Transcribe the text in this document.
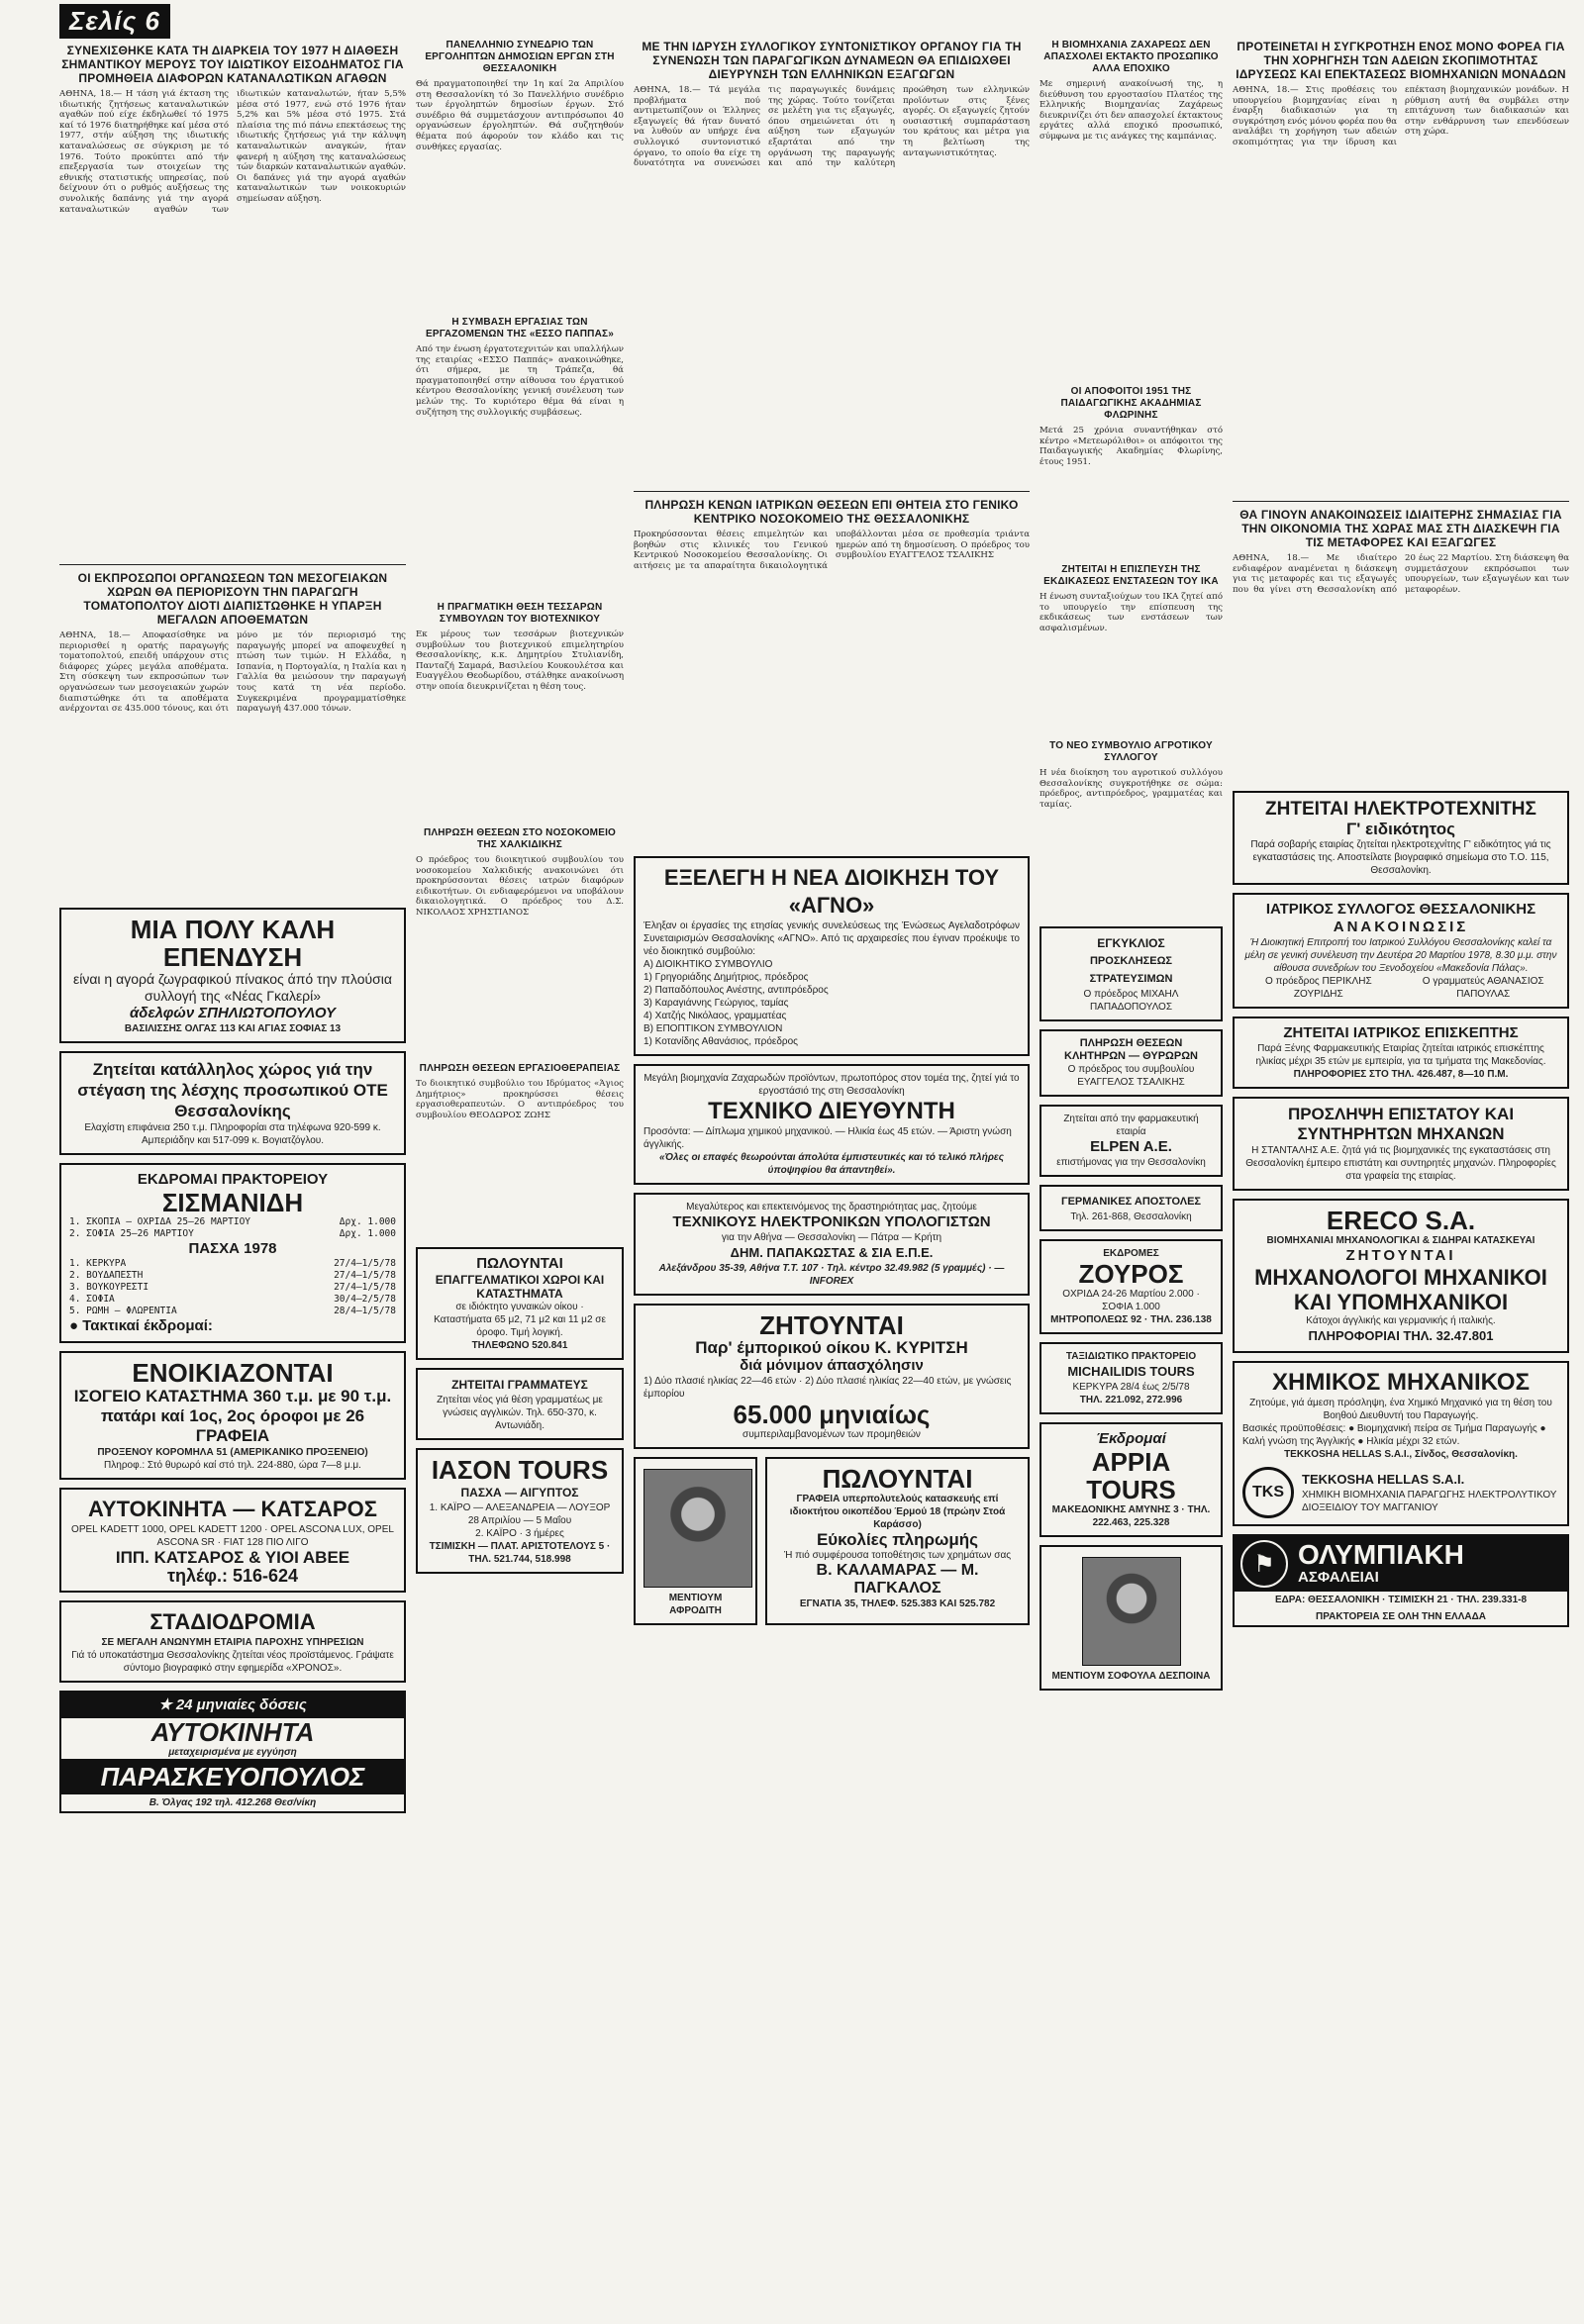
Σελίς 6
ΣΥΝΕΧΙΣΘΗΚΕ ΚΑΤΑ ΤΗ ΔΙΑΡΚΕΙΑ ΤΟΥ 1977 Η ΔΙΑΘΕΣΗ ΣΗΜΑΝΤΙΚΟΥ ΜΕΡΟΥΣ ΤΟΥ ΙΔΙΩΤΙΚΟΥ ΕΙΣΟΔΗΜΑΤΟΣ ΓΙΑ ΠΡΟΜΗΘΕΙΑ ΔΙΑΦΟΡΩΝ ΚΑΤΑΝΑΛΩΤΙΚΩΝ ΑΓΑΘΩΝ
ΑΘΗΝΑ, 18.— Η τάση γιά έκταση της ιδιωτικής ζητήσεως καταναλωτικών αγαθών πού είχε έκδηλωθεί τό 1975 καί τό 1976 διατηρήθηκε καί μέσα στό 1977, στήν αύξηση της ιδιωτικής καταναλώσεως σε σύγκριση με τό 1976. Τούτο προκύπτει από τήν επεξεργασία των στοιχείων της εθνικής στατιστικής υπηρεσίας, πού δείχνουν ότι ο ρυθμός αυξήσεως της συνολικής δαπάνης γιά την αγορά καταναλωτικών αγαθών των ιδιωτικών καταναλωτών, ήταν 5,5% μέσα στό 1977, ενώ στό 1976 ήταν 5,2% και 5% μέσα στό 1975. Στά πλαίσια της πιό πάνω επεκτάσεως της ιδιωτικής ζητήσεως γιά την κάλυψη καταναλωτικών αναγκών, ήταν φανερή η αύξηση της καταναλώσεως τών διαρκών καταναλωτικών αγαθών. Οι δαπάνες γιά την αγορά αγαθών καταναλωτικών των νοικοκυριών σημείωσαν αύξηση.
ΟΙ ΕΚΠΡΟΣΩΠΟΙ ΟΡΓΑΝΩΣΕΩΝ ΤΩΝ ΜΕΣΟΓΕΙΑΚΩΝ ΧΩΡΩΝ ΘΑ ΠΕΡΙΟΡΙΣΟΥΝ ΤΗΝ ΠΑΡΑΓΩΓΗ ΤΟΜΑΤΟΠΟΛΤΟΥ ΔΙΟΤΙ ΔΙΑΠΙΣΤΩΘΗΚΕ Η ΥΠΑΡΞΗ ΜΕΓΑΛΩΝ ΑΠΟΘΕΜΑΤΩΝ
ΑΘΗΝΑ, 18.— Αποφασίσθηκε να περιορισθεί η ορατής παραγωγής τοματοπολτού, επειδή υπάρχουν στις διάφορες χώρες μεγάλα αποθέματα. Στη σύσκεψη των εκπροσώπων των οργανώσεων των μεσογειακών χωρών διαπιστώθηκε ότι τα αποθέματα ανέρχονται σε 435.000 τόνους, και ότι μόνο με τόν περιορισμό της παραγωγής μπορεί να αποφευχθεί η πτώση των τιμών. Η Ελλάδα, η Ισπανία, η Πορτογαλία, η Ιταλία και η Γαλλία θα μειώσουν την παραγωγή τους κατά τη νέα περίοδο. Συγκεκριμένα προγραμματίσθηκε παραγωγή 437.000 τόνων.
ΜΙΑ ΠΟΛΥ ΚΑΛΗ ΕΠΕΝΔΥΣΗ
είναι η αγορά ζωγραφικού πίνακος άπό την πλούσια συλλογή της «Νέας Γκαλερί»
άδελφών ΣΠΗΛΙΩΤΟΠΟΥΛΟΥ
ΒΑΣΙΛΙΣΣΗΣ ΟΛΓΑΣ 113 ΚΑΙ ΑΓΙΑΣ ΣΟΦΙΑΣ 13
Ζητείται κατάλληλος χώρος γιά την στέγαση της λέσχης προσωπικού ΟΤΕ Θεσσαλονίκης
Ελαχίστη επιφάνεια 250 τ.μ. Πληροφορίαι στα τηλέφωνα 920-599 κ. Αμπεριάδην και 517-099 κ. Βογιατζόγλου.
ΕΚΔΡΟΜΑΙ ΠΡΑΚΤΟΡΕΙΟΥ
ΣΙΣΜΑΝΙΔΗ
1. ΣΚΟΠΙΑ — ΟΧΡΙΔΑ 25—26 ΜΑΡΤΙΟΥ	Δρχ. 1.000
2. ΣΟΦΙΑ 25—26 ΜΑΡΤΙΟΥ	Δρχ. 1.000
ΠΑΣΧΑ 1978
1. ΚΕΡΚΥΡΑ	27/4—1/5/78
2. ΒΟΥΔΑΠΕΣΤΗ	27/4—1/5/78
3. ΒΟΥΚΟΥΡΕΣΤΙ	27/4—1/5/78
4. ΣΟΦΙΑ	30/4—2/5/78
5. ΡΩΜΗ — ΦΛΩΡΕΝΤΙΑ	28/4—1/5/78
● Τακτικαί έκδρομαί:
ΕΝΟΙΚΙΑΖΟΝΤΑΙ
ΙΣΟΓΕΙΟ ΚΑΤΑΣΤΗΜΑ 360 τ.μ. με 90 τ.μ. πατάρι καί 1ος, 2ος όροφοι με 26 ΓΡΑΦΕΙΑ
ΠΡΟΞΕΝΟΥ ΚΟΡΟΜΗΛΑ 51 (ΑΜΕΡΙΚΑΝΙΚΟ ΠΡΟΞΕΝΕΙΟ)
Πληροφ.: Στό θυρωρό καί στό τηλ. 224-880, ώρα 7—8 μ.μ.
ΑΥΤΟΚΙΝΗΤΑ — ΚΑΤΣΑΡΟΣ
OPEL KADETT 1000, OPEL KADETT 1200 · OPEL ASCONA LUX, OPEL ASCONA SR · FIAT 128 ΠΙΟ ΛΙΓΟ
ΙΠΠ. ΚΑΤΣΑΡΟΣ & ΥΙΟΙ ΑΒΕΕ
τηλέφ.: 516-624
ΣΤΑΔΙΟΔΡΟΜΙΑ
ΣΕ ΜΕΓΑΛΗ ΑΝΩΝΥΜΗ ΕΤΑΙΡΙΑ ΠΑΡΟΧΗΣ ΥΠΗΡΕΣΙΩΝ
Γιά τό υποκατάστημα Θεσσαλονίκης ζητείται νέος προϊστάμενος. Γράψατε σύντομο βιογραφικό στην εφημερίδα «ΧΡΟΝΟΣ».
★ 24 μηνιαίες δόσεις
ΑΥΤΟΚΙΝΗΤΑ
μεταχειρισμένα με εγγύηση
ΠΑΡΑΣΚΕΥΟΠΟΥΛΟΣ
Β. Όλγας 192 τηλ. 412.268 Θεσ/νίκη
ΠΑΝΕΛΛΗΝΙΟ ΣΥΝΕΔΡΙΟ ΤΩΝ ΕΡΓΟΛΗΠΤΩΝ ΔΗΜΟΣΙΩΝ ΕΡΓΩΝ ΣΤΗ ΘΕΣΣΑΛΟΝΙΚΗ
Θά πραγματοποιηθεί την 1η καί 2α Απριλίου στη Θεσσαλονίκη τό 3ο Πανελλήνιο συνέδριο των έργοληπτών δημοσίων έργων. Στό συνέδριο θά συμμετάσχουν αντιπρόσωποι 40 οργανώσεων έργοληπτών. Θά συζητηθούν θέματα πού άφορούν τον κλάδο και τις συνθήκες εργασίας.
Η ΣΥΜΒΑΣΗ ΕΡΓΑΣΙΑΣ ΤΩΝ ΕΡΓΑΖΟΜΕΝΩΝ ΤΗΣ «ΕΣΣΟ ΠΑΠΠΑΣ»
Από την ένωση έργατοτεχνιτών και υπαλλήλων της εταιρίας «ΕΣΣΟ Παππάς» ανακοινώθηκε, ότι σήμερα, με τη Τράπεζα, θά πραγματοποιηθεί στην αίθουσα του έργατικού κέντρου Θεσσαλονίκης γενική συνέλευση των μελών της. Το κυριότερο θέμα θά είναι η συζήτηση της συλλογικής συμβάσεως.
Η ΠΡΑΓΜΑΤΙΚΗ ΘΕΣΗ ΤΕΣΣΑΡΩΝ ΣΥΜΒΟΥΛΩΝ ΤΟΥ ΒΙΟΤΕΧΝΙΚΟΥ
Εκ μέρους των τεσσάρων βιοτεχνικών συμβούλων του βιοτεχνικού επιμελητηρίου Θεσσαλονίκης, κ.κ. Δημητρίου Στυλιανίδη, Πανταζή Σαμαρά, Βασιλείου Κουκουλέτσα και Ευαγγέλου Θεοδωρίδου, στάλθηκε ανακοίνωση στην οποία διευκρινίζεται η θέση τους.
ΠΛΗΡΩΣΗ ΘΕΣΕΩΝ ΣΤΟ ΝΟΣΟΚΟΜΕΙΟ ΤΗΣ ΧΑΛΚΙΔΙΚΗΣ
Ο πρόεδρος του διοικητικού συμβουλίου του νοσοκομείου Χαλκιδικής ανακοινώνει ότι προκηρύσσονται θέσεις ιατρών διαφόρων ειδικοτήτων. Οι ενδιαφερόμενοι να υποβάλουν δικαιολογητικά. Ο πρόεδρος του Δ.Σ. ΝΙΚΟΛΑΟΣ ΧΡΗΣΤΙΑΝΟΣ
ΠΛΗΡΩΣΗ ΘΕΣΕΩΝ ΕΡΓΑΣΙΟΘΕΡΑΠΕΙΑΣ
Το διοικητικό συμβούλιο του Ιδρύματος «Άγιος Δημήτριος» προκηρύσσει θέσεις εργασιοθεραπευτών. Ο αντιπρόεδρος του συμβουλίου ΘΕΟΔΩΡΟΣ ΖΩΗΣ
ΠΩΛΟΥΝΤΑΙ
ΕΠΑΓΓΕΛΜΑΤΙΚΟΙ ΧΩΡΟΙ ΚΑΙ ΚΑΤΑΣΤΗΜΑΤΑ
σε ιδιόκτητο γυναικών οίκου · Καταστήματα 65 μ2, 71 μ2 και 11 μ2 σε όροφο. Τιμή λογική.
ΤΗΛΕΦΩΝΟ 520.841
ΖΗΤΕΙΤΑΙ ΓΡΑΜΜΑΤΕΥΣ
Ζητείται νέος γιά θέση γραμματέως με γνώσεις αγγλικών. Τηλ. 650-370, κ. Αντωνιάδη.
ΙΑΣΟΝ TOURS
ΠΑΣΧΑ — ΑΙΓΥΠΤΟΣ
1. ΚΑΪΡΟ — ΑΛΕΞΑΝΔΡΕΙΑ — ΛΟΥΞΟΡ 28 Απριλίου — 5 Μαΐου
2. ΚΑΪΡΟ · 3 ήμέρες
ΤΣΙΜΙΣΚΗ — ΠΛΑΤ. ΑΡΙΣΤΟΤΕΛΟΥΣ 5 · ΤΗΛ. 521.744, 518.998
ΜΕ ΤΗΝ ΙΔΡΥΣΗ ΣΥΛΛΟΓΙΚΟΥ ΣΥΝΤΟΝΙΣΤΙΚΟΥ ΟΡΓΑΝΟΥ ΓΙΑ ΤΗ ΣΥΝΕΝΩΣΗ ΤΩΝ ΠΑΡΑΓΩΓΙΚΩΝ ΔΥΝΑΜΕΩΝ ΘΑ ΕΠΙΔΙΩΧΘΕΙ ΔΙΕΥΡΥΝΣΗ ΤΩΝ ΕΛΛΗΝΙΚΩΝ ΕΞΑΓΩΓΩΝ
ΑΘΗΝΑ, 18.— Τά μεγάλα προβλήματα πού αντιμετωπίζουν οι Έλληνες εξαγωγείς θά ήταν δυνατό να λυθούν αν υπήρχε ένα συλλογικό συντονιστικό όργανο, το οποίο θα είχε τη δυνατότητα να συνενώσει τις παραγωγικές δυνάμεις της χώρας. Τούτο τονίζεται σε μελέτη για τις εξαγωγές, όπου σημειώνεται ότι η αύξηση των εξαγωγών εξαρτάται από την οργάνωση της παραγωγής και από την καλύτερη προώθηση των ελληνικών προϊόντων στις ξένες αγορές. Οι εξαγωγείς ζητούν ουσιαστική συμπαράσταση του κράτους και μέτρα για τη βελτίωση της ανταγωνιστικότητας.
ΠΛΗΡΩΣΗ ΚΕΝΩΝ ΙΑΤΡΙΚΩΝ ΘΕΣΕΩΝ ΕΠΙ ΘΗΤΕΙΑ ΣΤΟ ΓΕΝΙΚΟ ΚΕΝΤΡΙΚΟ ΝΟΣΟΚΟΜΕΙΟ ΤΗΣ ΘΕΣΣΑΛΟΝΙΚΗΣ
Προκηρύσσονται θέσεις επιμελητών και βοηθών στις κλινικές του Γενικού Κεντρικού Νοσοκομείου Θεσσαλονίκης. Οι αιτήσεις με τα απαραίτητα δικαιολογητικά υποβάλλονται μέσα σε προθεσμία τριάντα ημερών από τη δημοσίευση. Ο πρόεδρος του συμβουλίου ΕΥΑΓΓΕΛΟΣ ΤΣΑΛΙΚΗΣ
ΕΞΕΛΕΓΗ Η ΝΕΑ ΔΙΟΙΚΗΣΗ ΤΟΥ «ΑΓΝΟ»
Έληξαν οι έργασίες της ετησίας γενικής συνελεύσεως της Ένώσεως Αγελαδοτρόφων Συνεταιρισμών Θεσσαλονίκης «ΑΓΝΟ». Από τις αρχαιρεσίες που έγιναν προέκυψε το νέο διοικητικό συμβούλιο:
Α) ΔΙΟΙΚΗΤΙΚΟ ΣΥΜΒΟΥΛΙΟ
1) Γρηγοριάδης Δημήτριος, πρόεδρος
2) Παπαδόπουλος Ανέστης, αντιπρόεδρος
3) Καραγιάννης Γεώργιος, ταμίας
4) Χατζής Νικόλαος, γραμματέας
Β) ΕΠΟΠΤΙΚΟΝ ΣΥΜΒΟΥΛΙΟΝ
1) Κοτανίδης Αθανάσιος, πρόεδρος
Μεγάλη βιομηχανία Ζαχαρωδών προϊόντων, πρωτοπόρος στον τομέα της, ζητεί γιά το εργοστάσιό της στη Θεσσαλονίκη
ΤΕΧΝΙΚΟ ΔΙΕΥΘΥΝΤΗ
Προσόντα: — Δίπλωμα χημικού μηχανικού. — Ηλικία έως 45 ετών. — Άριστη γνώση άγγλικής.
«Όλες οι επαφές θεωρούνται άπολύτα έμπιστευτικές και τό τελικό πλήρες ύποψηφίου θα άπαντηθεί».
Μεγαλύτερος και επεκτεινόμενος της δραστηριότητας μας, ζητούμε
ΤΕΧΝΙΚΟΥΣ ΗΛΕΚΤΡΟΝΙΚΩΝ ΥΠΟΛΟΓΙΣΤΩΝ
για την Αθήνα — Θεσσαλονίκη — Πάτρα — Κρήτη
ΔΗΜ. ΠΑΠΑΚΩΣΤΑΣ & ΣΙΑ Ε.Π.Ε.
Αλεξάνδρου 35-39, Αθήνα Τ.Τ. 107 · Τηλ. κέντρο 32.49.982 (5 γραμμές) · — INFOREX
ΖΗΤΟΥΝΤΑΙ
Παρ' έμπορικού οίκου Κ. ΚΥΡΙΤΣΗ
διά μόνιμον άπασχόλησιν
1) Δύο πλασιέ ηλικίας 22—46 ετών · 2) Δύο πλασιέ ηλικίας 22—40 ετών, με γνώσεις έμπορίου
65.000 μηνιαίως
συμπεριλαμβανομένων των προμηθειών
ΜΕΝΤΙΟΥΜ ΑΦΡΟΔΙΤΗ
ΠΩΛΟΥΝΤΑΙ
ΓΡΑΦΕΙΑ υπερπολυτελούς κατασκευής επί ιδιοκτήτου οικοπέδου Έρμού 18 (πρώην Στοά Καράσσο)
Εύκολίες πληρωμής
Ή πιό συμφέρουσα τοποθέτησις των χρημάτων σας
Β. ΚΑΛΑΜΑΡΑΣ — Μ. ΠΑΓΚΑΛΟΣ
ΕΓΝΑΤΙΑ 35, ΤΗΛΕΦ. 525.383 ΚΑΙ 525.782
Η ΒΙΟΜΗΧΑΝΙΑ ΖΑΧΑΡΕΩΣ ΔΕΝ ΑΠΑΣΧΟΛΕΙ ΕΚΤΑΚΤΟ ΠΡΟΣΩΠΙΚΟ ΑΛΛΑ ΕΠΟΧΙΚΟ
Με σημερινή ανακοίνωσή της, η διεύθυνση του εργοστασίου Πλατέος της Ελληνικής Βιομηχανίας Ζαχάρεως διευκρινίζει ότι δεν απασχολεί έκτακτους εργάτες αλλά εποχικό προσωπικό, σύμφωνα με τις ανάγκες της καμπάνιας.
ΟΙ ΑΠΟΦΟΙΤΟΙ 1951 ΤΗΣ ΠΑΙΔΑΓΩΓΙΚΗΣ ΑΚΑΔΗΜΙΑΣ ΦΛΩΡΙΝΗΣ
Μετά 25 χρόνια συναντήθηκαν στό κέντρο «Μετεωρόλιθοι» οι απόφοιτοι της Παιδαγωγικής Ακαδημίας Φλωρίνης, έτους 1951.
ΖΗΤΕΙΤΑΙ Η ΕΠΙΣΠΕΥΣΗ ΤΗΣ ΕΚΔΙΚΑΣΕΩΣ ΕΝΣΤΑΣΕΩΝ ΤΟΥ ΙΚΑ
Η ένωση συνταξιούχων του ΙΚΑ ζητεί από το υπουργείο την επίσπευση της εκδικάσεως των ενστάσεων των ασφαλισμένων.
ΤΟ ΝΕΟ ΣΥΜΒΟΥΛΙΟ ΑΓΡΟΤΙΚΟΥ ΣΥΛΛΟΓΟΥ
Η νέα διοίκηση του αγροτικού συλλόγου Θεσσαλονίκης συγκροτήθηκε σε σώμα: πρόεδρος, αντιπρόεδρος, γραμματέας και ταμίας.
ΕΓΚΥΚΛΙΟΣ
ΠΡΟΣΚΛΗΣΕΩΣ ΣΤΡΑΤΕΥΣΙΜΩΝ
Ο πρόεδρος ΜΙΧΑΗΛ ΠΑΠΑΔΟΠΟΥΛΟΣ
ΠΛΗΡΩΣΗ ΘΕΣΕΩΝ ΚΛΗΤΗΡΩΝ — ΘΥΡΩΡΩΝ
Ο πρόεδρος του συμβουλίου ΕΥΑΓΓΕΛΟΣ ΤΣΑΛΙΚΗΣ
Ζητείται από την φαρμακευτική εταιρία
ELPEN A.E.
επιστήμονας για την Θεσσαλονίκη
ΓΕΡΜΑΝΙΚΕΣ ΑΠΟΣΤΟΛΕΣ
Τηλ. 261-868, Θεσσαλονίκη
ΕΚΔΡΟΜΕΣ
ΖΟΥΡΟΣ
ΟΧΡΙΔΑ 24-26 Μαρτίου 2.000 · ΣΟΦΙΑ 1.000
ΜΗΤΡΟΠΟΛΕΩΣ 92 · ΤΗΛ. 236.138
ΤΑΞΙΔΙΩΤΙΚΟ ΠΡΑΚΤΟΡΕΙΟ
MICHAILIDIS TOURS
ΚΕΡΚΥΡΑ 28/4 έως 2/5/78
ΤΗΛ. 221.092, 272.996
Έκδρομαί
APPIA TOURS
ΜΑΚΕΔΟΝΙΚΗΣ ΑΜΥΝΗΣ 3 · ΤΗΛ. 222.463, 225.328
ΜΕΝΤΙΟΥΜ ΣΟΦΟΥΛΑ ΔΕΣΠΟΙΝΑ
ΠΡΟΤΕΙΝΕΤΑΙ Η ΣΥΓΚΡΟΤΗΣΗ ΕΝΟΣ ΜΟΝΟ ΦΟΡΕΑ ΓΙΑ ΤΗΝ ΧΟΡΗΓΗΣΗ ΤΩΝ ΑΔΕΙΩΝ ΣΚΟΠΙΜΟΤΗΤΑΣ ΙΔΡΥΣΕΩΣ ΚΑΙ ΕΠΕΚΤΑΣΕΩΣ ΒΙΟΜΗΧΑΝΙΩΝ ΜΟΝΑΔΩΝ
ΑΘΗΝΑ, 18.— Στις προθέσεις του υπουργείου βιομηχανίας είναι η έναρξη διαδικασιών για τη συγκρότηση ενός μόνου φορέα που θα αναλάβει τη χορήγηση των αδειών σκοπιμότητας για την ίδρυση και επέκταση βιομηχανικών μονάδων. Η ρύθμιση αυτή θα συμβάλει στην επιτάχυνση των διαδικασιών και στην ενθάρρυνση των επενδύσεων στη χώρα.
ΘΑ ΓΙΝΟΥΝ ΑΝΑΚΟΙΝΩΣΕΙΣ ΙΔΙΑΙΤΕΡΗΣ ΣΗΜΑΣΙΑΣ ΓΙΑ ΤΗΝ ΟΙΚΟΝΟΜΙΑ ΤΗΣ ΧΩΡΑΣ ΜΑΣ ΣΤΗ ΔΙΑΣΚΕΨΗ ΓΙΑ ΤΙΣ ΜΕΤΑΦΟΡΕΣ ΚΑΙ ΕΞΑΓΩΓΕΣ
ΑΘΗΝΑ, 18.— Με ιδιαίτερο ενδιαφέρον αναμένεται η διάσκεψη για τις μεταφορές και τις εξαγωγές που θα γίνει στη Θεσσαλονίκη από 20 έως 22 Μαρτίου. Στη διάσκεψη θα συμμετάσχουν εκπρόσωποι των υπουργείων, των εξαγωγέων και των μεταφορέων.
ΖΗΤΕΙΤΑΙ ΗΛΕΚΤΡΟΤΕΧΝΙΤΗΣ
Γ' ειδικότητος
Παρά σοβαρής εταιρίας ζητείται ηλεκτροτεχνίτης Γ' ειδικότητος γιά τις εγκαταστάσεις της. Αποστείλατε βιογραφικό σημείωμα στο Τ.Ο. 115, Θεσσαλονίκη.
ΙΑΤΡΙΚΟΣ ΣΥΛΛΟΓΟΣ ΘΕΣΣΑΛΟΝΙΚΗΣ
ΑΝΑΚΟΙΝΩΣΙΣ
Ή Διοικητική Επιτροπή του Ιατρικού Συλλόγου Θεσσαλονίκης καλεί τα μέλη σε γενική συνέλευση την Δευτέρα 20 Μαρτίου 1978, 8.30 μ.μ. στην αίθουσα συνεδρίων του Ξενοδοχείου «Μακεδονία Πάλας».
Ο πρόεδρος ΠΕΡΙΚΛΗΣ ΖΟΥΡΙΔΗΣ
Ο γραμματεύς ΑΘΑΝΑΣΙΟΣ ΠΑΠΟΥΛΑΣ
ΖΗΤΕΙΤΑΙ ΙΑΤΡΙΚΟΣ ΕΠΙΣΚΕΠΤΗΣ
Παρά Ξένης Φαρμακευτικής Εταιρίας ζητείται ιατρικός επισκέπτης ηλικίας μέχρι 35 ετών με εμπειρία, για τα τμήματα της Μακεδονίας.
ΠΛΗΡΟΦΟΡΙΕΣ ΣΤΟ ΤΗΛ. 426.487, 8—10 Π.Μ.
ΠΡΟΣΛΗΨΗ ΕΠΙΣΤΑΤΟΥ ΚΑΙ ΣΥΝΤΗΡΗΤΩΝ ΜΗΧΑΝΩΝ
Η ΣΤΑΝΤΑΛΗΣ Α.Ε. ζητά γιά τις βιομηχανικές της εγκαταστάσεις στη Θεσσαλονίκη έμπειρο επιστάτη και συντηρητές μηχανών. Πληροφορίες στα γραφεία της εταιρίας.
ERECO S.A.
ΒΙΟΜΗΧΑΝΙΑΙ ΜΗΧΑΝΟΛΟΓΙΚΑΙ & ΣΙΔΗΡΑΙ ΚΑΤΑΣΚΕΥΑΙ
ΖΗΤΟΥΝΤΑΙ
ΜΗΧΑΝΟΛΟΓΟΙ ΜΗΧΑΝΙΚΟΙ ΚΑΙ ΥΠΟΜΗΧΑΝΙΚΟΙ
Κάτοχοι άγγλικής και γερμανικής ή ιταλικής.
ΠΛΗΡΟΦΟΡΙΑΙ ΤΗΛ. 32.47.801
ΧΗΜΙΚΟΣ ΜΗΧΑΝΙΚΟΣ
Ζητούμε, γιά άμεση πρόσληψη, ένα Χημικό Μηχανικό για τη θέση του Βοηθού Διευθυντή του Παραγωγής.
Βασικές προϋποθέσεις: ● Βιομηχανική πείρα σε Τμήμα Παραγωγής ● Καλή γνώση της Άγγλικής ● Ηλικία μέχρι 32 ετών.
TEKKOSHA HELLAS S.A.I., Σίνδος, Θεσσαλονίκη.
TKS
TEKKOSHA HELLAS S.A.I.
ΧΗΜΙΚΗ ΒΙΟΜΗΧΑΝΙΑ ΠΑΡΑΓΩΓΗΣ ΗΛΕΚΤΡΟΛΥΤΙΚΟΥ ΔΙΟΞΕΙΔΙΟΥ ΤΟΥ ΜΑΓΓΑΝΙΟΥ
⚑ ΟΛΥΜΠΙΑΚΗ
ΑΣΦΑΛΕΙΑΙ
ΕΔΡΑ: ΘΕΣΣΑΛΟΝΙΚΗ · ΤΣΙΜΙΣΚΗ 21 · ΤΗΛ. 239.331-8
ΠΡΑΚΤΟΡΕΙΑ ΣΕ ΟΛΗ ΤΗΝ ΕΛΛΑΔΑ
